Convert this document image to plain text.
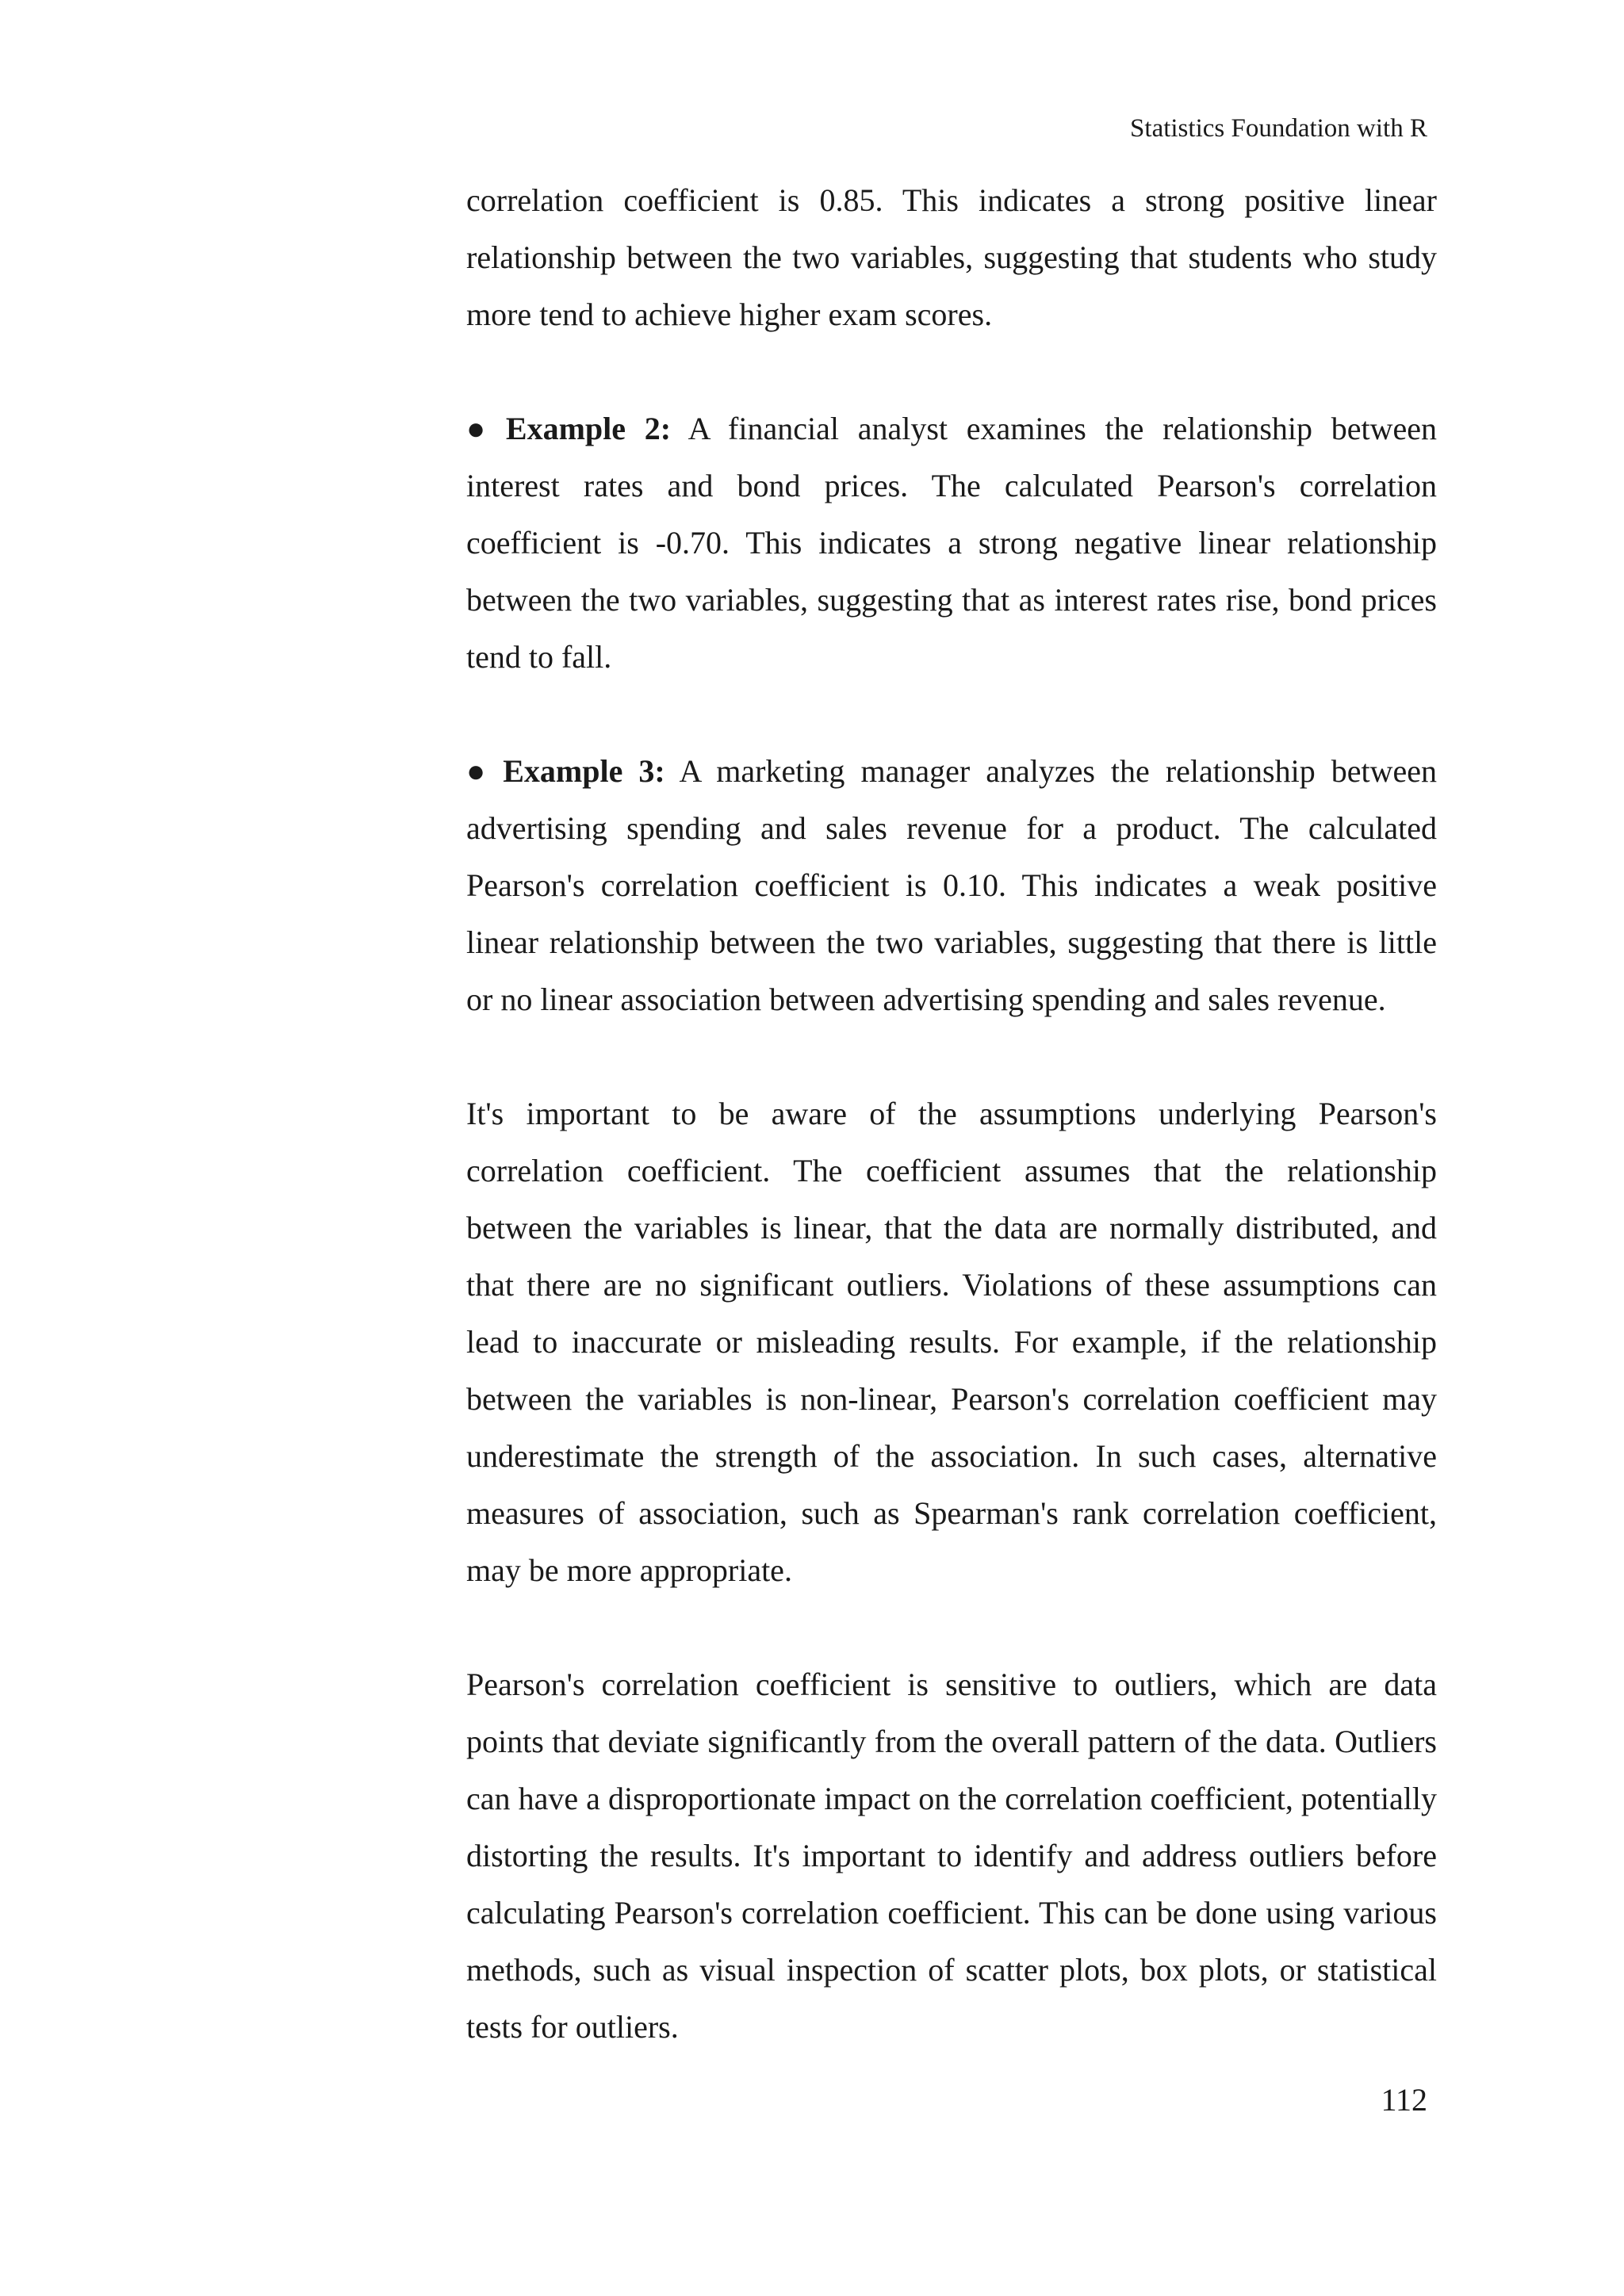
Statistics Foundation with R

correlation coefficient is 0.85. This indicates a strong positive linear relationship between the two variables, suggesting that students who study more tend to achieve higher exam scores.

● Example 2: A financial analyst examines the relationship between interest rates and bond prices. The calculated Pearson's correlation coefficient is -0.70. This indicates a strong negative linear relationship between the two variables, suggesting that as interest rates rise, bond prices tend to fall.

● Example 3: A marketing manager analyzes the relationship between advertising spending and sales revenue for a product. The calculated Pearson's correlation coefficient is 0.10. This indicates a weak positive linear relationship between the two variables, suggesting that there is little or no linear association between advertising spending and sales revenue.

It's important to be aware of the assumptions underlying Pearson's correlation coefficient. The coefficient assumes that the relationship between the variables is linear, that the data are normally distributed, and that there are no significant outliers. Violations of these assumptions can lead to inaccurate or misleading results. For example, if the relationship between the variables is non-linear, Pearson's correlation coefficient may underestimate the strength of the association. In such cases, alternative measures of association, such as Spearman's rank correlation coefficient, may be more appropriate.

Pearson's correlation coefficient is sensitive to outliers, which are data points that deviate significantly from the overall pattern of the data. Outliers can have a disproportionate impact on the correlation coefficient, potentially distorting the results. It's important to identify and address outliers before calculating Pearson's correlation coefficient. This can be done using various methods, such as visual inspection of scatter plots, box plots, or statistical tests for outliers.

112
